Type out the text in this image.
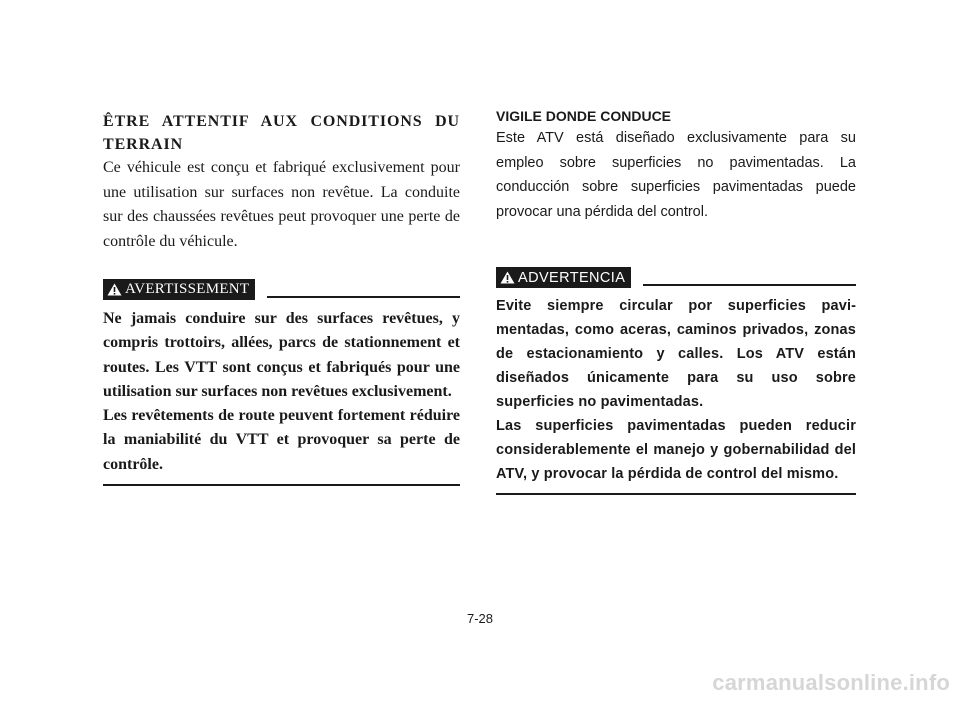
ÊTRE ATTENTIF AUX CONDITIONS DU TERRAIN

Ce véhicule est conçu et fabriqué exclusivement pour une utilisation sur surfaces non revêtue. La conduite sur des chaussées revêtues peut provoquer une perte de contrôle du véhicule.

AVERTISSEMENT

Ne jamais conduire sur des surfaces revêtues, y compris trottoirs, allées, parcs de stationnement et routes. Les VTT sont conçus et fabriqués pour une utilisation sur surfaces non revêtues exclusivement.

Les revêtements de route peuvent fortement réduire la maniabilité du VTT et provoquer sa perte de contrôle.

VIGILE DONDE CONDUCE

Este ATV está diseñado exclusivamente para su empleo sobre superficies no pavimentadas. La conducción sobre superficies pavimentadas puede provocar una pérdida del control.

ADVERTENCIA

Evite siempre circular por superficies pavimentadas, como aceras, caminos privados, zonas de estacionamiento y calles. Los ATV están diseñados únicamente para su uso sobre superficies no pavimentadas.

Las superficies pavimentadas pueden reducir considerablemente el manejo y gobernabilidad del ATV, y provocar la pérdida de control del mismo.

7-28
carmanualsonline.info
